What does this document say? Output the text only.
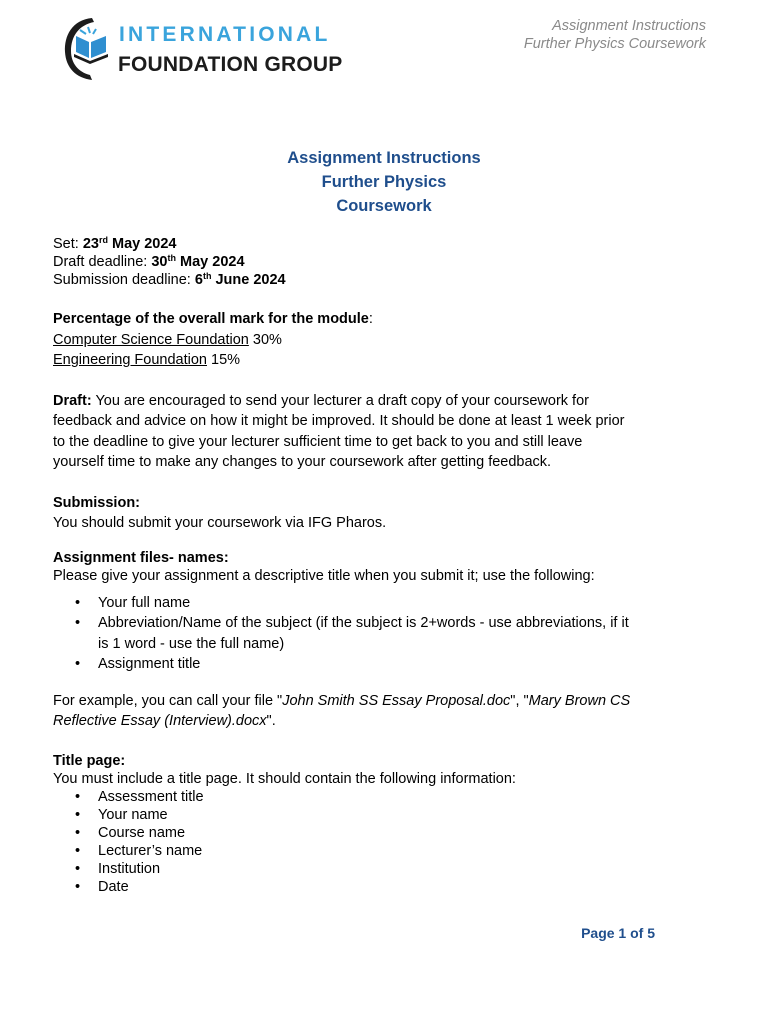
INTERNATIONAL
FOUNDATION GROUP
Assignment Instructions
Further Physics Coursework
Assignment Instructions
Further Physics
Coursework
Set: 23rd May 2024
Draft deadline: 30th May 2024
Submission deadline: 6th June 2024
Percentage of the overall mark for the module:
Computer Science Foundation 30%
Engineering Foundation 15%
Draft: You are encouraged to send your lecturer a draft copy of your coursework for
feedback and advice on how it might be improved. It should be done at least 1 week prior
to the deadline to give your lecturer sufficient time to get back to you and still leave
yourself time to make any changes to your coursework after getting feedback.
Submission:
You should submit your coursework via IFG Pharos.
Assignment files- names:
Please give your assignment a descriptive title when you submit it; use the following:
• Your full name
• Abbreviation/Name of the subject (if the subject is 2+words - use abbreviations, if it
is 1 word - use the full name)
• Assignment title
For example, you can call your file "John Smith SS Essay Proposal.doc", "Mary Brown CS
Reflective Essay (Interview).docx".
Title page:
You must include a title page. It should contain the following information:
• Assessment title
• Your name
• Course name
• Lecturer’s name
• Institution
• Date
Page 1 of 5
